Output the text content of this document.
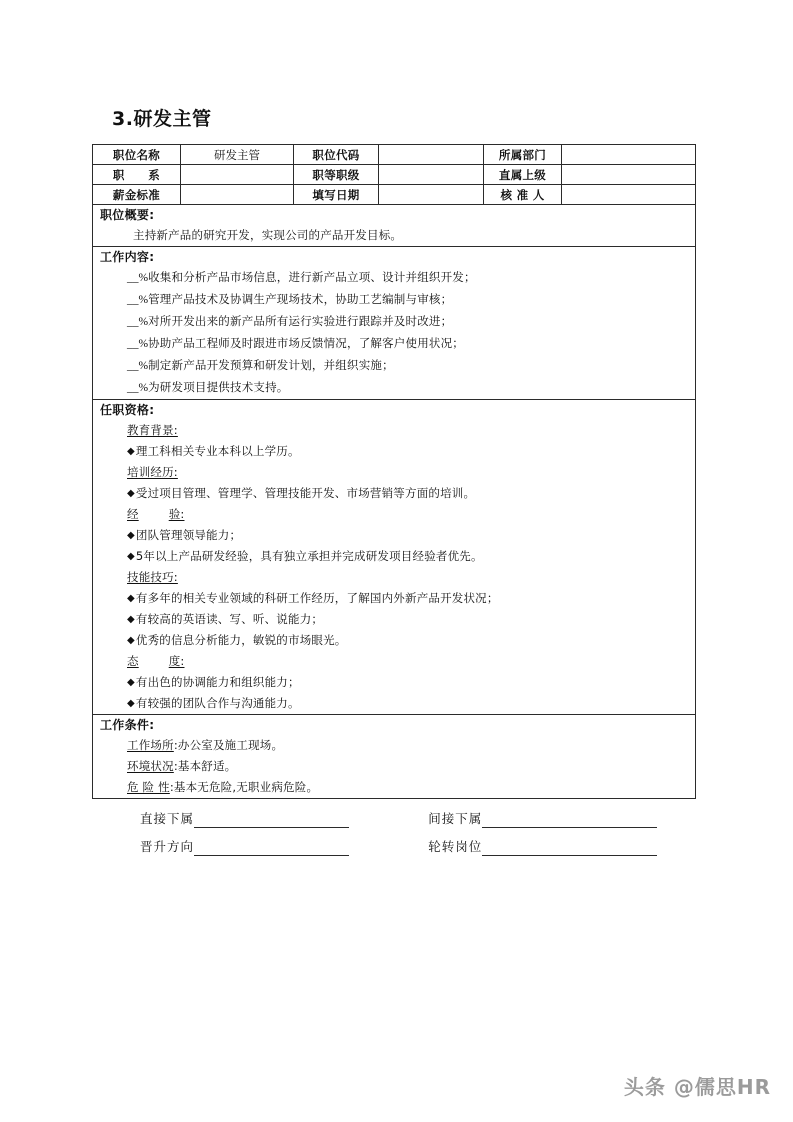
3.研发主管
职位名称	研发主管	职位代码		所属部门	
职　　系		职等职级		直属上级	
薪金标准		填写日期		核 准 人	

职位概要:
主持新产品的研究开发，实现公司的产品开发目标。					

工作内容:
__%收集和分析产品市场信息，进行新产品立项、设计并组织开发；
__%管理产品技术及协调生产现场技术，协助工艺编制与审核；
__%对所开发出来的新产品所有运行实验进行跟踪并及时改进；
__%协助产品工程师及时跟进市场反馈情况，了解客户使用状况；
__%制定新产品开发预算和研发计划，并组织实施；
__%为研发项目提供技术支持。

任职资格:
教育背景:
◆理工科相关专业本科以上学历。
培训经历:
◆受过项目管理、管理学、管理技能开发、市场营销等方面的培训。
经	验:
◆团队管理领导能力；
◆5年以上产品研发经验，具有独立承担并完成研发项目经验者优先。
技能技巧:
◆有多年的相关专业领域的科研工作经历，了解国内外新产品开发状况；
◆有较高的英语读、写、听、说能力；
◆优秀的信息分析能力，敏锐的市场眼光。
态	度:
◆有出色的协调能力和组织能力；
◆有较强的团队合作与沟通能力。

工作条件:
工作场所:办公室及施工现场。
环境状况:基本舒适。
危 险 性:基本无危险,无职业病危险。					
直接下属	间接下属
晋升方向	轮转岗位
头条 @儒思HR
